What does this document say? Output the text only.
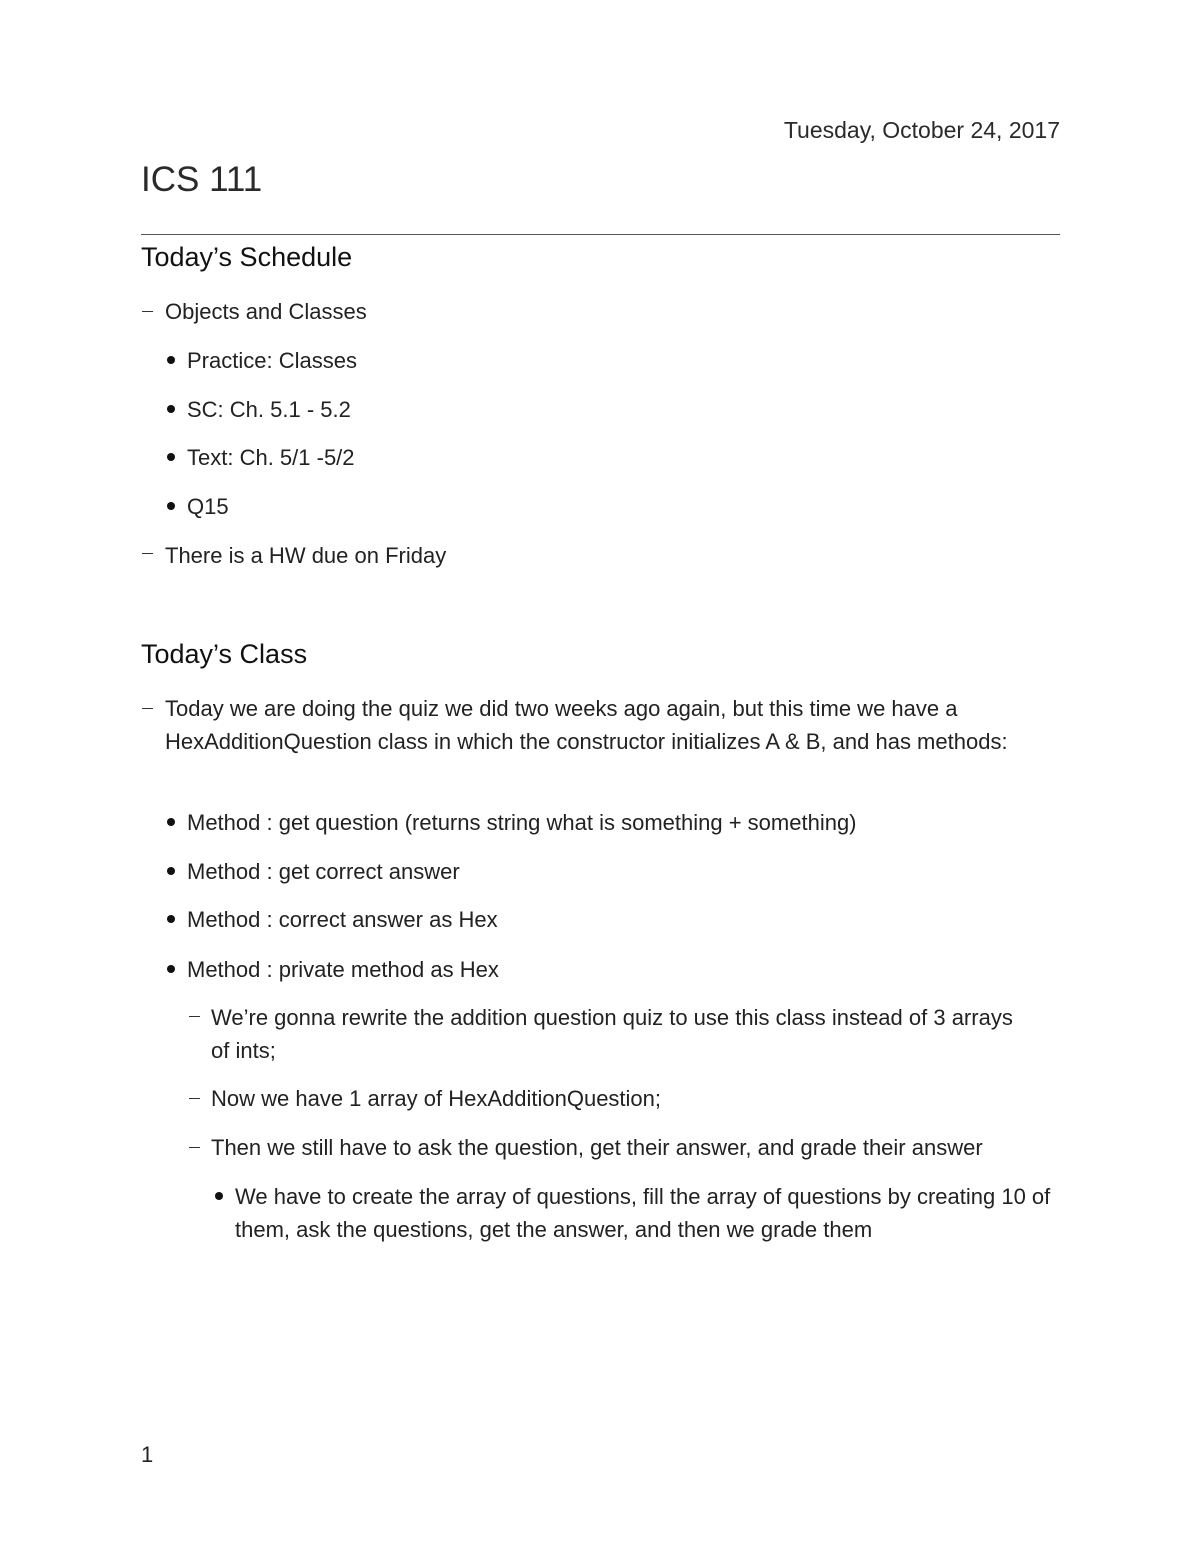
Tuesday, October 24, 2017
ICS 111
Today’s Schedule
Objects and Classes
Practice: Classes
SC: Ch. 5.1 - 5.2
Text: Ch. 5/1 -5/2
Q15
There is a HW due on Friday
Today’s Class
Today we are doing the quiz we did two weeks ago again, but this time we have a HexAdditionQuestion class in which the constructor initializes A & B, and has methods:
Method : get question (returns string what is something + something)
Method : get correct answer
Method : correct answer as Hex
Method : private method as Hex
We’re gonna rewrite the addition question quiz to use this class instead of 3 arrays of ints;
Now we have 1 array of HexAdditionQuestion;
Then we still have to ask the question, get their answer, and grade their answer
We have to create the array of questions, fill the array of questions by creating 10 of them, ask the questions, get the answer, and then we grade them
1
